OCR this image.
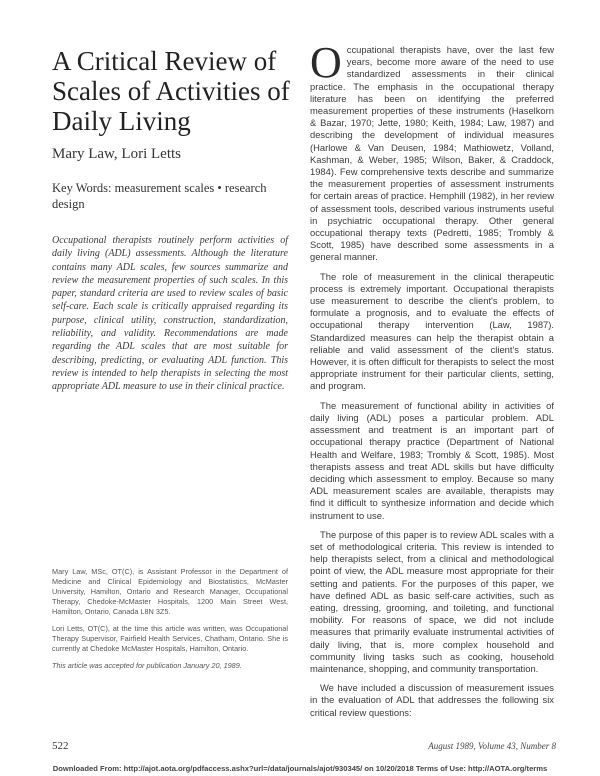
A Critical Review of Scales of Activities of Daily Living
Mary Law, Lori Letts
Key Words: measurement scales • research design

Occupational therapists routinely perform activities of daily living (ADL) assessments. Although the literature contains many ADL scales, few sources summarize and review the measurement properties of such scales. In this paper, standard criteria are used to review scales of basic self-care. Each scale is critically appraised regarding its purpose, clinical utility, construction, standardization, reliability, and validity. Recommendations are made regarding the ADL scales that are most suitable for describing, predicting, or evaluating ADL function. This review is intended to help therapists in selecting the most appropriate ADL measure to use in their clinical practice.

Mary Law, MSc, OT(C), is Assistant Professor in the Department of Medicine and Clinical Epidemiology and Biostatistics, McMaster University, Hamilton, Ontario and Research Manager, Occupational Therapy, Chedoke-McMaster Hospitals, 1200 Main Street West, Hamilton, Ontario, Canada L8N 3Z5.

Lori Letts, OT(C), at the time this article was written, was Occupational Therapy Supervisor, Fairfield Health Services, Chatham, Ontario. She is currently at Chedoke McMaster Hospitals, Hamilton, Ontario.

This article was accepted for publication January 20, 1989.

Occupational therapists have, over the last few years, become more aware of the need to use standardized assessments in their clinical practice. The emphasis in the occupational therapy literature has been on identifying the preferred measurement properties of these instruments (Haselkorn & Bazar, 1970; Jette, 1980; Keith, 1984; Law, 1987) and describing the development of individual measures (Harlowe & Van Deusen, 1984; Mathiowetz, Volland, Kashman, & Weber, 1985; Wilson, Baker, & Craddock, 1984). Few comprehensive texts describe and summarize the measurement properties of assessment instruments for certain areas of practice. Hemphill (1982), in her review of assessment tools, described various instruments useful in psychiatric occupational therapy. Other general occupational therapy texts (Pedretti, 1985; Trombly & Scott, 1985) have described some assessments in a general manner.

The role of measurement in the clinical therapeutic process is extremely important. Occupational therapists use measurement to describe the client's problem, to formulate a prognosis, and to evaluate the effects of occupational therapy intervention (Law, 1987). Standardized measures can help the therapist obtain a reliable and valid assessment of the client's status. However, it is often difficult for therapists to select the most appropriate instrument for their particular clients, setting, and program.

The measurement of functional ability in activities of daily living (ADL) poses a particular problem. ADL assessment and treatment is an important part of occupational therapy practice (Department of National Health and Welfare, 1983; Trombly & Scott, 1985). Most therapists assess and treat ADL skills but have difficulty deciding which assessment to employ. Because so many ADL measurement scales are available, therapists may find it difficult to synthesize information and decide which instrument to use.

The purpose of this paper is to review ADL scales with a set of methodological criteria. This review is intended to help therapists select, from a clinical and methodological point of view, the ADL measure most appropriate for their setting and patients. For the purposes of this paper, we have defined ADL as basic self-care activities, such as eating, dressing, grooming, and toileting, and functional mobility. For reasons of space, we did not include measures that primarily evaluate instrumental activities of daily living, that is, more complex household and community living tasks such as cooking, household maintenance, shopping, and community transportation.

We have included a discussion of measurement issues in the evaluation of ADL that addresses the following six critical review questions:

522	August 1989, Volume 43, Number 8
Downloaded From: http://ajot.aota.org/pdfaccess.ashx?url=/data/journals/ajot/930345/ on 10/20/2018 Terms of Use: http://AOTA.org/terms
